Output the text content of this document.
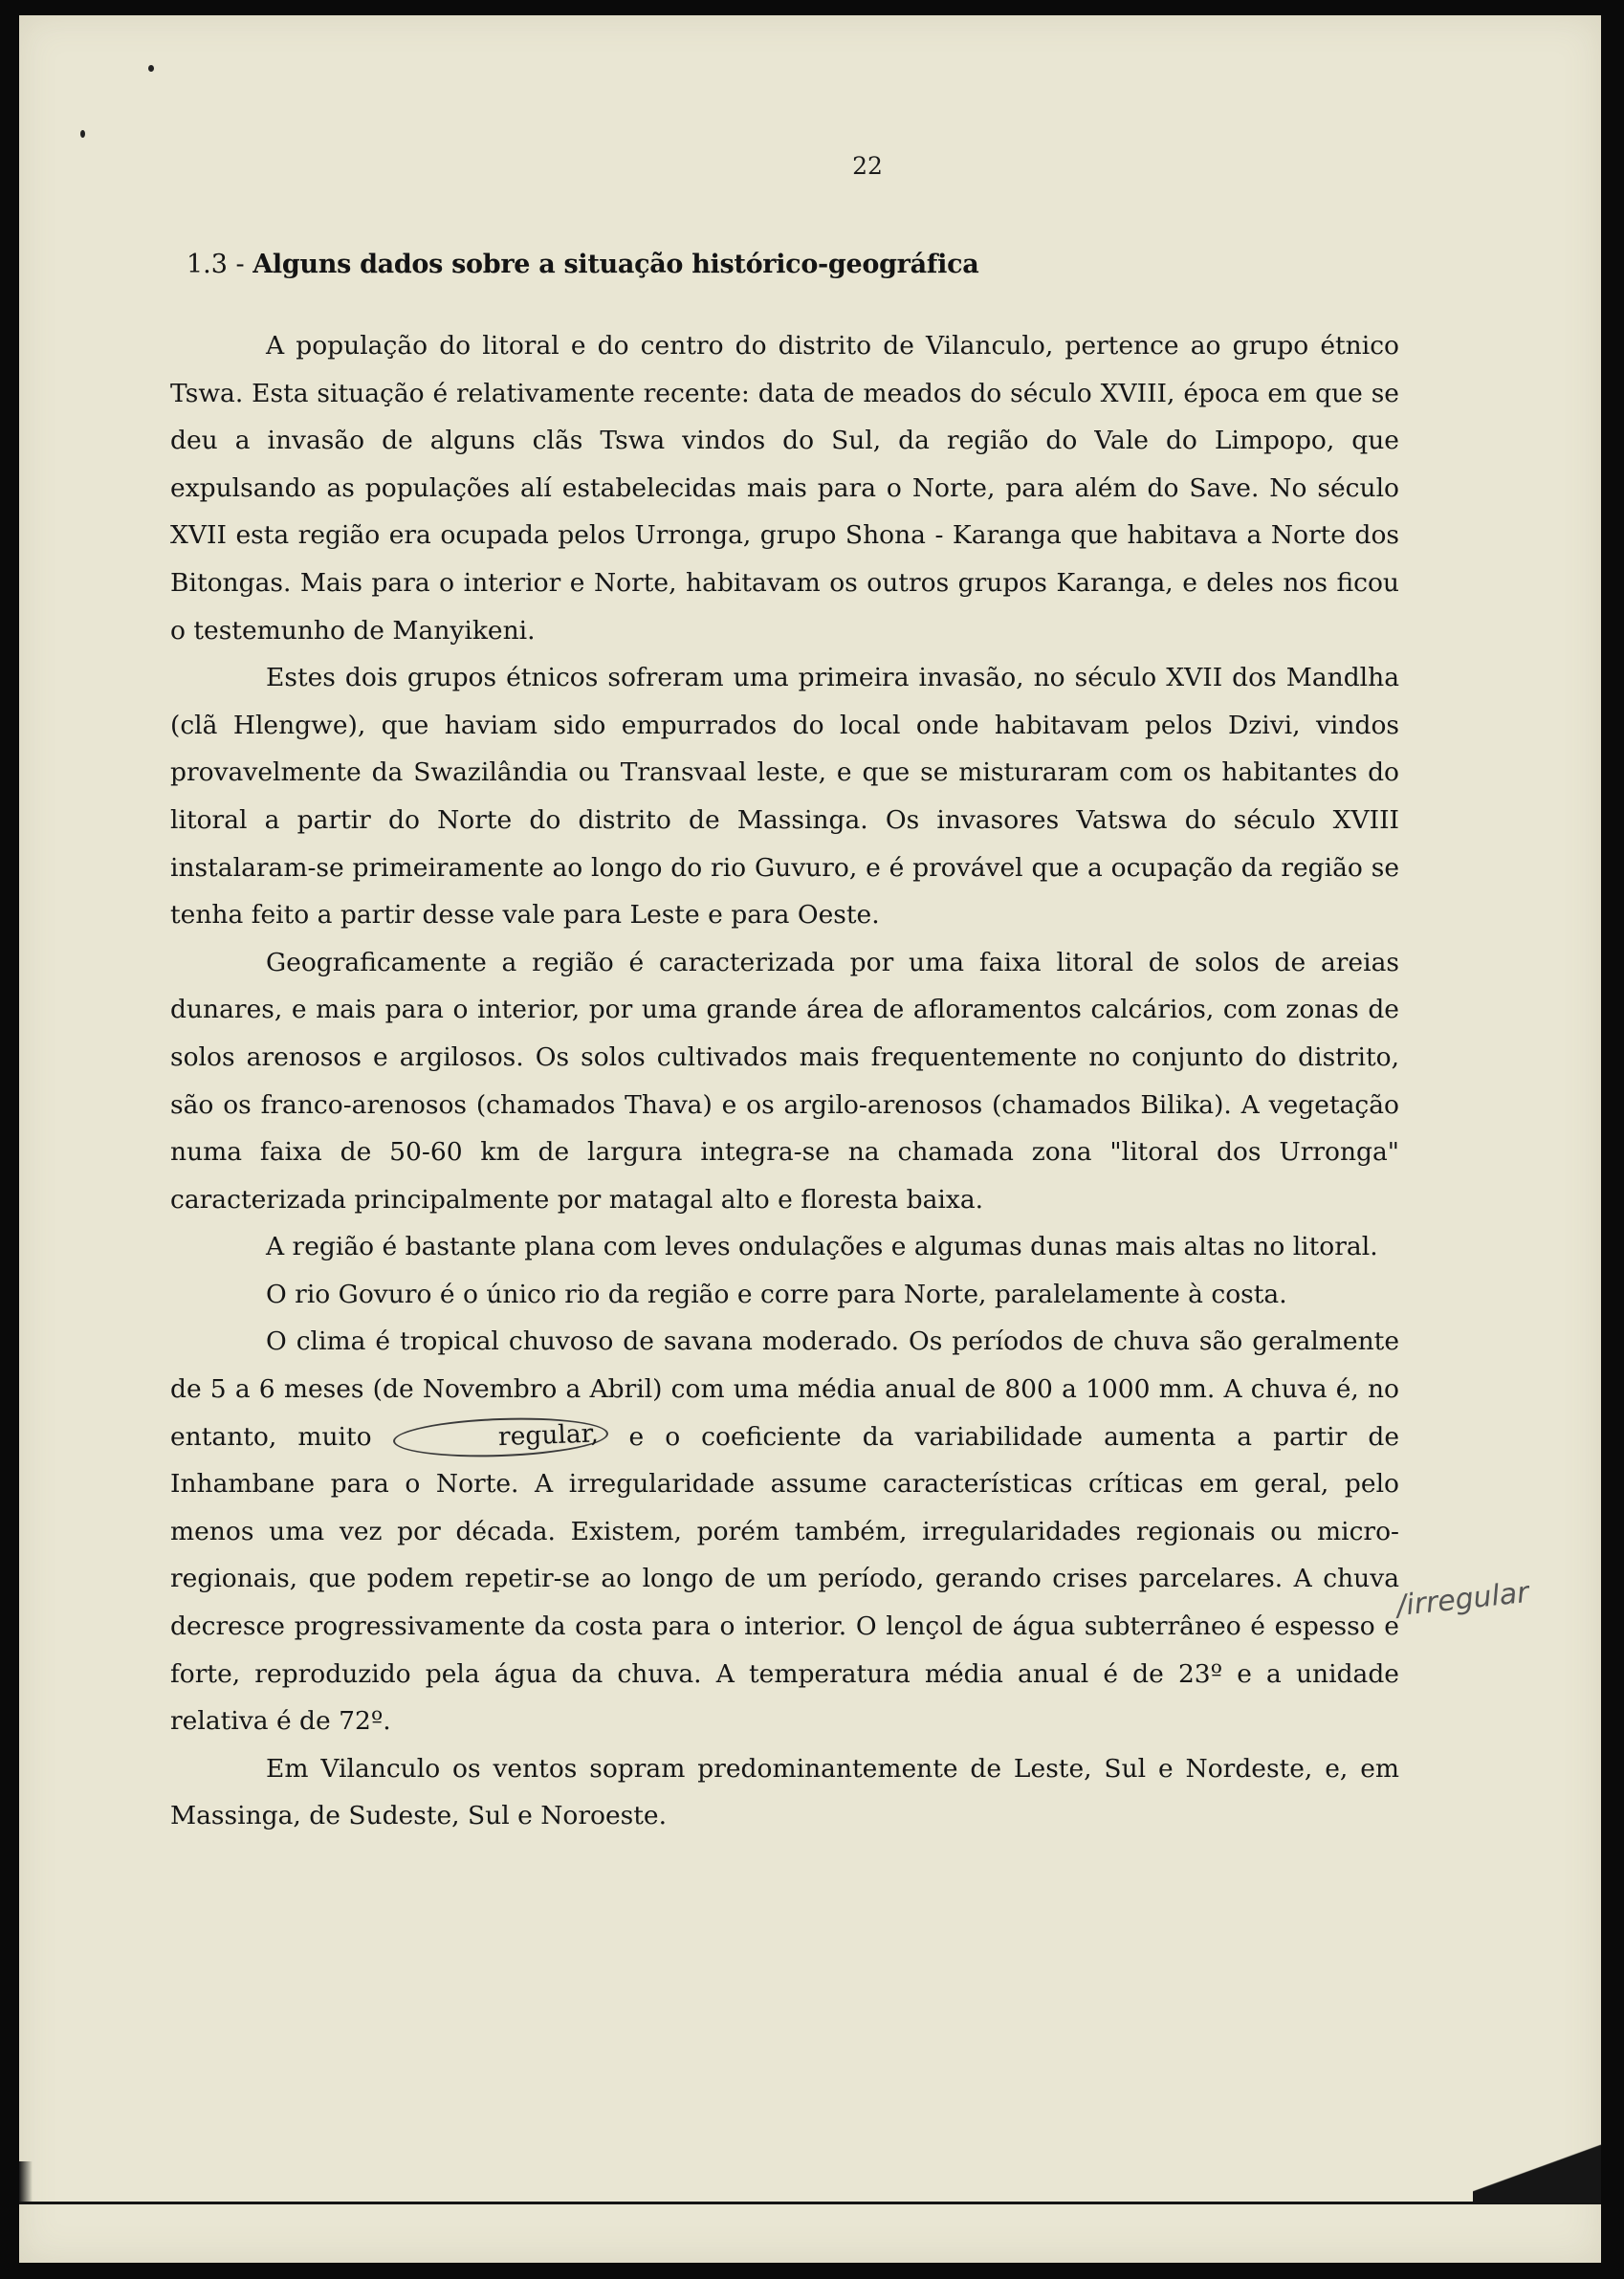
22
1.3 - Alguns dados sobre a situação histórico-geográfica

A população do litoral e do centro do distrito de Vilanculo, pertence ao grupo étnico Tswa. Esta situação é relativamente recente: data de meados do século XVIII, época em que se deu a invasão de alguns clãs Tswa vindos do Sul, da região do Vale do Limpopo, que expulsando as populações alí estabelecidas mais para o Norte, para além do Save. No século XVII esta região era ocupada pelos Urronga, grupo Shona - Karanga que habitava a Norte dos Bitongas. Mais para o interior e Norte, habitavam os outros grupos Karanga, e deles nos ficou o testemunho de Manyikeni.

Estes dois grupos étnicos sofreram uma primeira invasão, no século XVII dos Mandlha (clã Hlengwe), que haviam sido empurrados do local onde habitavam pelos Dzivi, vindos provavelmente da Swazilândia ou Transvaal leste, e que se misturaram com os habitantes do litoral a partir do Norte do distrito de Massinga. Os invasores Vatswa do século XVIII instalaram-se primeiramente ao longo do rio Guvuro, e é provável que a ocupação da região se tenha feito a partir desse vale para Leste e para Oeste.

Geograficamente a região é caracterizada por uma faixa litoral de solos de areias dunares, e mais para o interior, por uma grande área de afloramentos calcários, com zonas de solos arenosos e argilosos. Os solos cultivados mais frequentemente no conjunto do distrito, são os franco-arenosos (chamados Thava) e os argilo-arenosos (chamados Bilika). A vegetação numa faixa de 50-60 km de largura integra-se na chamada zona "litoral dos Urronga" caracterizada principalmente por matagal alto e floresta baixa.

A região é bastante plana com leves ondulações e algumas dunas mais altas no litoral.

O rio Govuro é o único rio da região e corre para Norte, paralelamente à costa.

O clima é tropical chuvoso de savana moderado. Os períodos de chuva são geralmente de 5 a 6 meses (de Novembro a Abril) com uma média anual de 800 a 1000 mm. A chuva é, no entanto, muito	regular, e o coeficiente da variabilidade aumenta a partir de Inhambane para o Norte. A irregularidade assume características críticas em geral, pelo menos uma vez por década. Existem, porém também, irregularidades regionais ou micro-regionais, que podem repetir-se ao longo de um período, gerando crises parcelares. A chuva decresce progressivamente da costa para o interior. O lençol de água subterrâneo é espesso e forte, reproduzido pela água da chuva. A temperatura média anual é de 23º e a unidade relativa é de 72º.

Em Vilanculo os ventos sopram predominantemente de Leste, Sul e Nordeste, e, em Massinga, de Sudeste, Sul e Noroeste.

/irregular
